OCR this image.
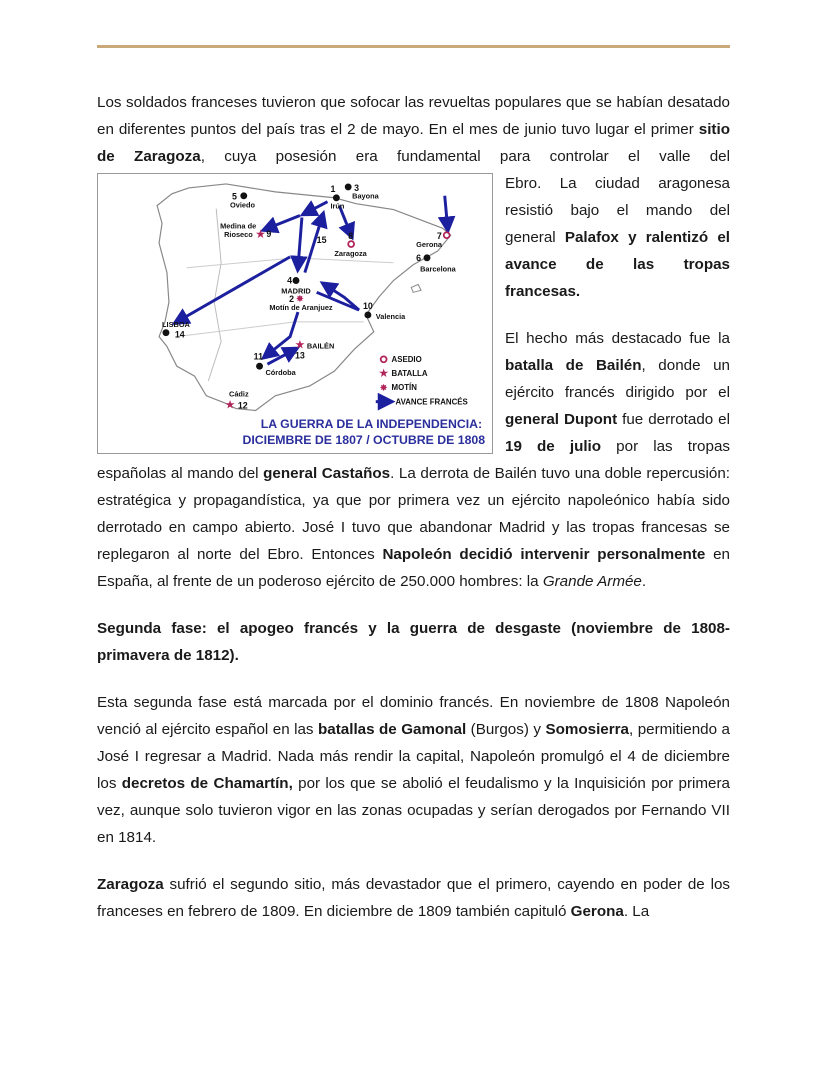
Los soldados franceses tuvieron que sofocar las revueltas populares que se habían desatado en diferentes puntos del país tras el 2 de mayo. En el mes de junio tuvo lugar el primer sitio de Zaragoza, cuya posesión era fundamental para controlar el valle del

★
★
★
★
✸
✸
1
Irún
3
Bayona
5
Oviedo
Medina de
Rioseco 9	8
Zaragoza
7
Gerona
6
Barcelona
4
MADRID
2
Motín de Aranjuez	10
Valencia
LISBOA
14
BAILÉN
13
11
Córdoba
Cádiz
12
15
ASEDIO
BATALLA
MOTÍN
AVANCE FRANCÉS
LA GUERRA DE LA INDEPENDENCIA:
DICIEMBRE DE 1807 / OCTUBRE DE 1808

Ebro. La ciudad aragonesa resistió bajo el mando del general Palafox y ralentizó el avance de las tropas francesas.

El hecho más destacado fue la batalla de Bailén, donde un ejército francés dirigido por el general Dupont fue derrotado el 19 de julio por las tropas españolas al mando del general Castaños. La derrota de Bailén tuvo una doble repercusión: estratégica y propagandística, ya que por primera vez un ejército napoleónico había sido derrotado en campo abierto. José I tuvo que abandonar Madrid y las tropas francesas se replegaron al norte del Ebro. Entonces Napoleón decidió intervenir personalmente en España, al frente de un poderoso ejército de 250.000 hombres: la Grande Armée.

Segunda fase: el apogeo francés y la guerra de desgaste (noviembre de 1808-primavera de 1812).

Esta segunda fase está marcada por el dominio francés. En noviembre de 1808 Napoleón venció al ejército español en las batallas de Gamonal (Burgos) y Somosierra, permitiendo a José I regresar a Madrid. Nada más rendir la capital, Napoleón promulgó el 4 de diciembre los decretos de Chamartín, por los que se abolió el feudalismo y la Inquisición por primera vez, aunque solo tuvieron vigor en las zonas ocupadas y serían derogados por Fernando VII en 1814.

Zaragoza sufrió el segundo sitio, más devastador que el primero, cayendo en poder de los franceses en febrero de 1809. En diciembre de 1809 también capituló Gerona. La
